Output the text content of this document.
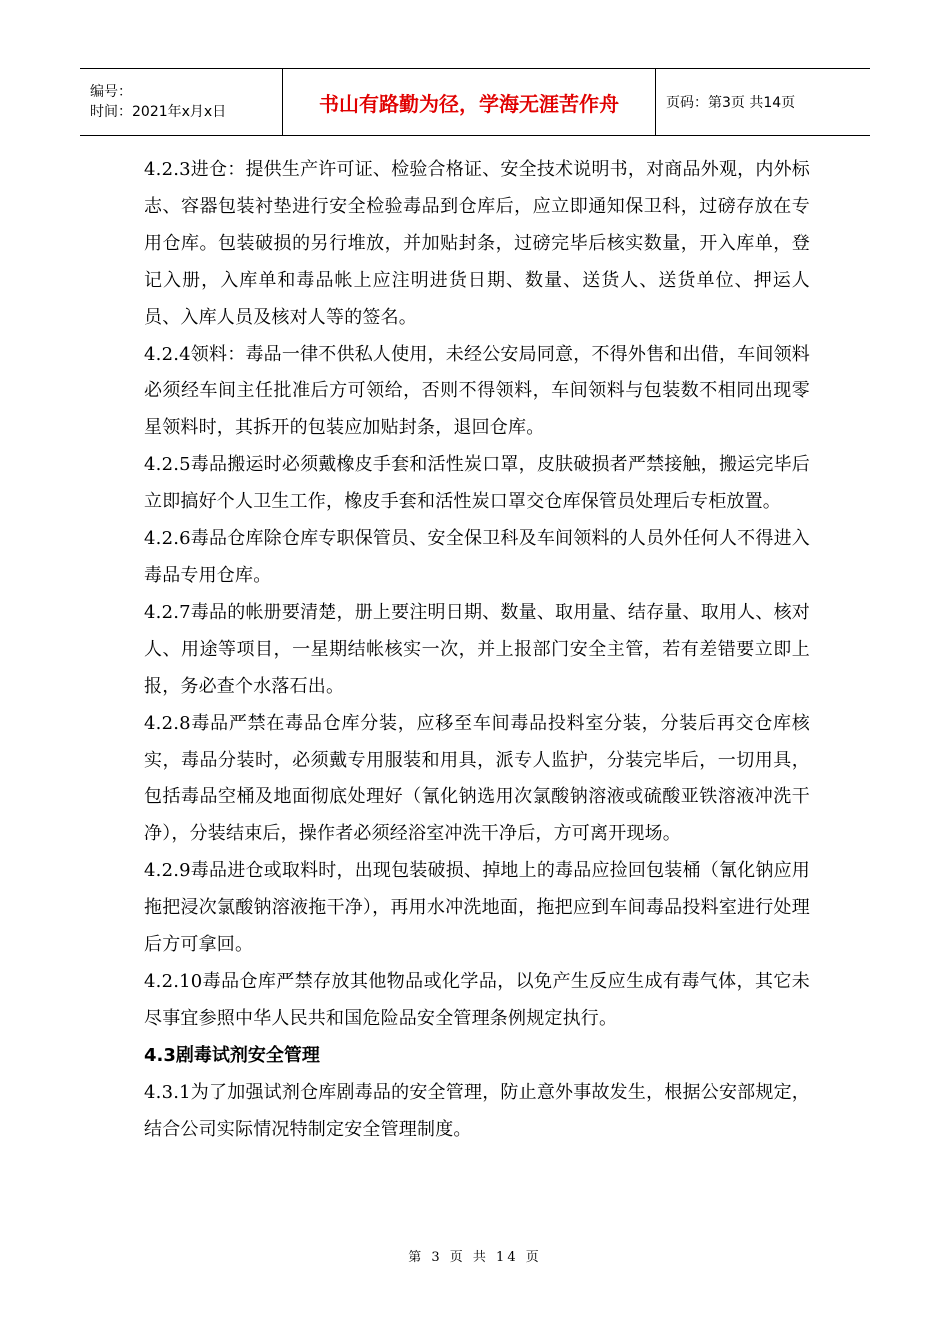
编号：
时间：2021年x月x日	书山有路勤为径，学海无涯苦作舟	页码：第3页 共14页

4.2.3进仓：提供生产许可证、检验合格证、安全技术说明书，对商品外观，内外标志、容器包装衬垫进行安全检验毒品到仓库后，应立即通知保卫科，过磅存放在专用仓库。包装破损的另行堆放，并加贴封条，过磅完毕后核实数量，开入库单，登记入册，入库单和毒品帐上应注明进货日期、数量、送货人、送货单位、押运人员、入库人员及核对人等的签名。

4.2.4领料：毒品一律不供私人使用，未经公安局同意，不得外售和出借，车间领料必须经车间主任批准后方可领给，否则不得领料，车间领料与包装数不相同出现零星领料时，其拆开的包装应加贴封条，退回仓库。

4.2.5毒品搬运时必须戴橡皮手套和活性炭口罩，皮肤破损者严禁接触，搬运完毕后立即搞好个人卫生工作，橡皮手套和活性炭口罩交仓库保管员处理后专柜放置。

4.2.6毒品仓库除仓库专职保管员、安全保卫科及车间领料的人员外任何人不得进入毒品专用仓库。

4.2.7毒品的帐册要清楚，册上要注明日期、数量、取用量、结存量、取用人、核对人、用途等项目，一星期结帐核实一次，并上报部门安全主管，若有差错要立即上报，务必查个水落石出。

4.2.8毒品严禁在毒品仓库分装，应移至车间毒品投料室分装，分装后再交仓库核实，毒品分装时，必须戴专用服装和用具，派专人监护，分装完毕后，一切用具，包括毒品空桶及地面彻底处理好（氰化钠选用次氯酸钠溶液或硫酸亚铁溶液冲洗干净），分装结束后，操作者必须经浴室冲洗干净后，方可离开现场。

4.2.9毒品进仓或取料时，出现包装破损、掉地上的毒品应捡回包装桶（氰化钠应用拖把浸次氯酸钠溶液拖干净），再用水冲洗地面，拖把应到车间毒品投料室进行处理后方可拿回。

4.2.10毒品仓库严禁存放其他物品或化学品，以免产生反应生成有毒气体，其它未尽事宜参照中华人民共和国危险品安全管理条例规定执行。

4.3剧毒试剂安全管理

4.3.1为了加强试剂仓库剧毒品的安全管理，防止意外事故发生，根据公安部规定，结合公司实际情况特制定安全管理制度。

第 3 页 共 14 页
